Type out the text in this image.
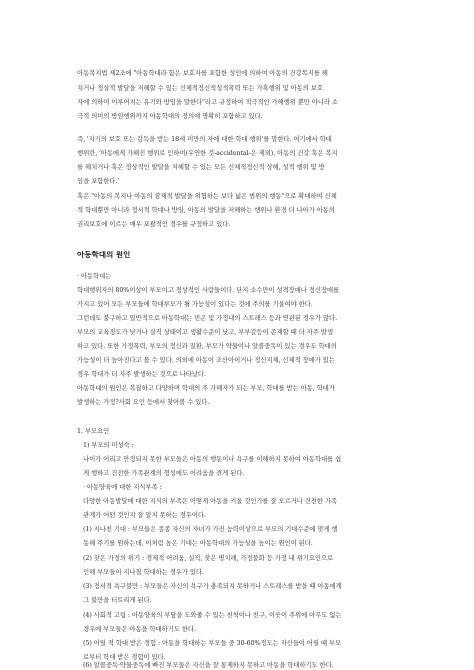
아동복지법 제2조에 "아동학대라 함은 보호자를 포함한 성인에 의하여 아동의 건강복지를 해
치거나 정상적 발달을 저해할 수 있는 신체적정신적성적폭력 또는 가혹행위 및 아동의 보호
자에 의하여 이루어지는 유기와 방임을 말한다"라고 규정하여 적극적인 가해행위 뿐만 아니라 소
극적 의미의 방임행위까지 아동학대의 정의에 명확히 포함하고 있다.
즉, '자기의 보호 또는 감독을 받는 18세 미만의 자에 대한 학대 행위'를 말한다. 여기에서 학대
행위란, '아동에게 가해진 행위로 인하여(우연한 것-accidental-은 제외), 아동의 건강 혹은 복지
를 해치거나 혹은 정상적인 발달을 저해할 수 있는 모든 신체적정신적 상해, 성적 행위 및 방
임을 포함한다.'
혹은 "아동의 복지나 아동의 잠재적 발달을 위협하는 보다 넓은 범위의 행동"으로 확대하여 신체
적 학대뿐만 아니라 정서적 학대나 방임, 아동의 발달을 저해하는 행위나 환경 더 나아가 아동의
권리보호에 이르는 매우 포괄적인 경우를 규정하고 있다.
아동학대의 원인
· 아동학대는
학대행위자의 80%이상이 부모이고 정상적인 사람들이다. 단지 소수만이 성격장애나 정신장애를
가지고 있어 모든 부모들에 학대부모가 될 가능성이 있다는 것에 주의를 기울여야 한다.
그런데도 불구하고 일반적으로 아동학대는 빈곤 및 가정내의 스트레스 등과 연관된 경우가 많다.
부모의 교육정도가 낮거나 실직 상태이고 생활수준이 낮고, 부부갈등이 존재할 때 더 자주 발생
하고 있다. 또한 가정폭력, 부모의 정신과 질환, 부모가 약물이나 알콜중독이 있는 경우도 학대의
가능성이 더 높아진다고 볼 수 있다. 의외에 아동이 조산아이거나 정신지체, 신체적 장애가 있는
경우 학대가 더 자주 발생하는 것으로 나타났다.
아동학대의 원인은 복잡하고 다양하며 학대의 주 가해자가 되는 부모, 학대를 받는 아동, 학대가
발생하는 가정?사회 요인 등에서 찾아볼 수 있다.
1. 부모요인
1) 부모의 미성숙 :
나이가 어리고 안정되지 못한 부모들은 아동의 행동이나 욕구를 이해하지 못하여 아동학대를 쉽
게 행하고 건전한 가족관계의 형성에도 어려움을 겪게 된다.
· 아동양육에 대한 지식부족 :
다양한 아동발달에 대한 지식의 부족은 어떻게 아동을 키울 것인가를 잘 모르거나 건전한 가족
관계가 어떤 것인지 잘 알지 못하는 경우이다.
(1) 지나친 기대 : 부모들은 종종 자신의 자녀가 가진 능력이상으로 부모의 기대수준에 맞게 행
동해 주기를 원하는데, 이처럼 높은 기대는 아동학대의 가능성을 높이는 원인이 된다.
(2) 잦은 가정의 위기 : 경제적 어려움, 실직, 잦은 병치레, 가정불화 등 가정 내 위기요인으로
인해 부모들이 지나칠 학대하는 경우가 있다.
(3) 정서적 욕구불만 : 부모들은 자신의 욕구가 충족되지 못하거나 스트레스를 받을 때 아동에게
그 불만을 터트리게 된다.
(4) 사회적 고립 : 아동양육의 부담을 도와줄 수 있는 친척이나 친구, 이웃이 주위에 아무도 없는
경우에 부모들은 아동을 학대하기도 한다.
(5) 어릴 적 학대 받은 경험 : 아동을 학대하는 부모들 중 30-60%정도는 자신들이 어릴 때 부모
로부터 학대 받은 경험이 있다.
(6) 알콜중독·약물중독에 빠진 부모들은 자신을 잘 통제하지 못하고 아동을 학대하기도 한다.
